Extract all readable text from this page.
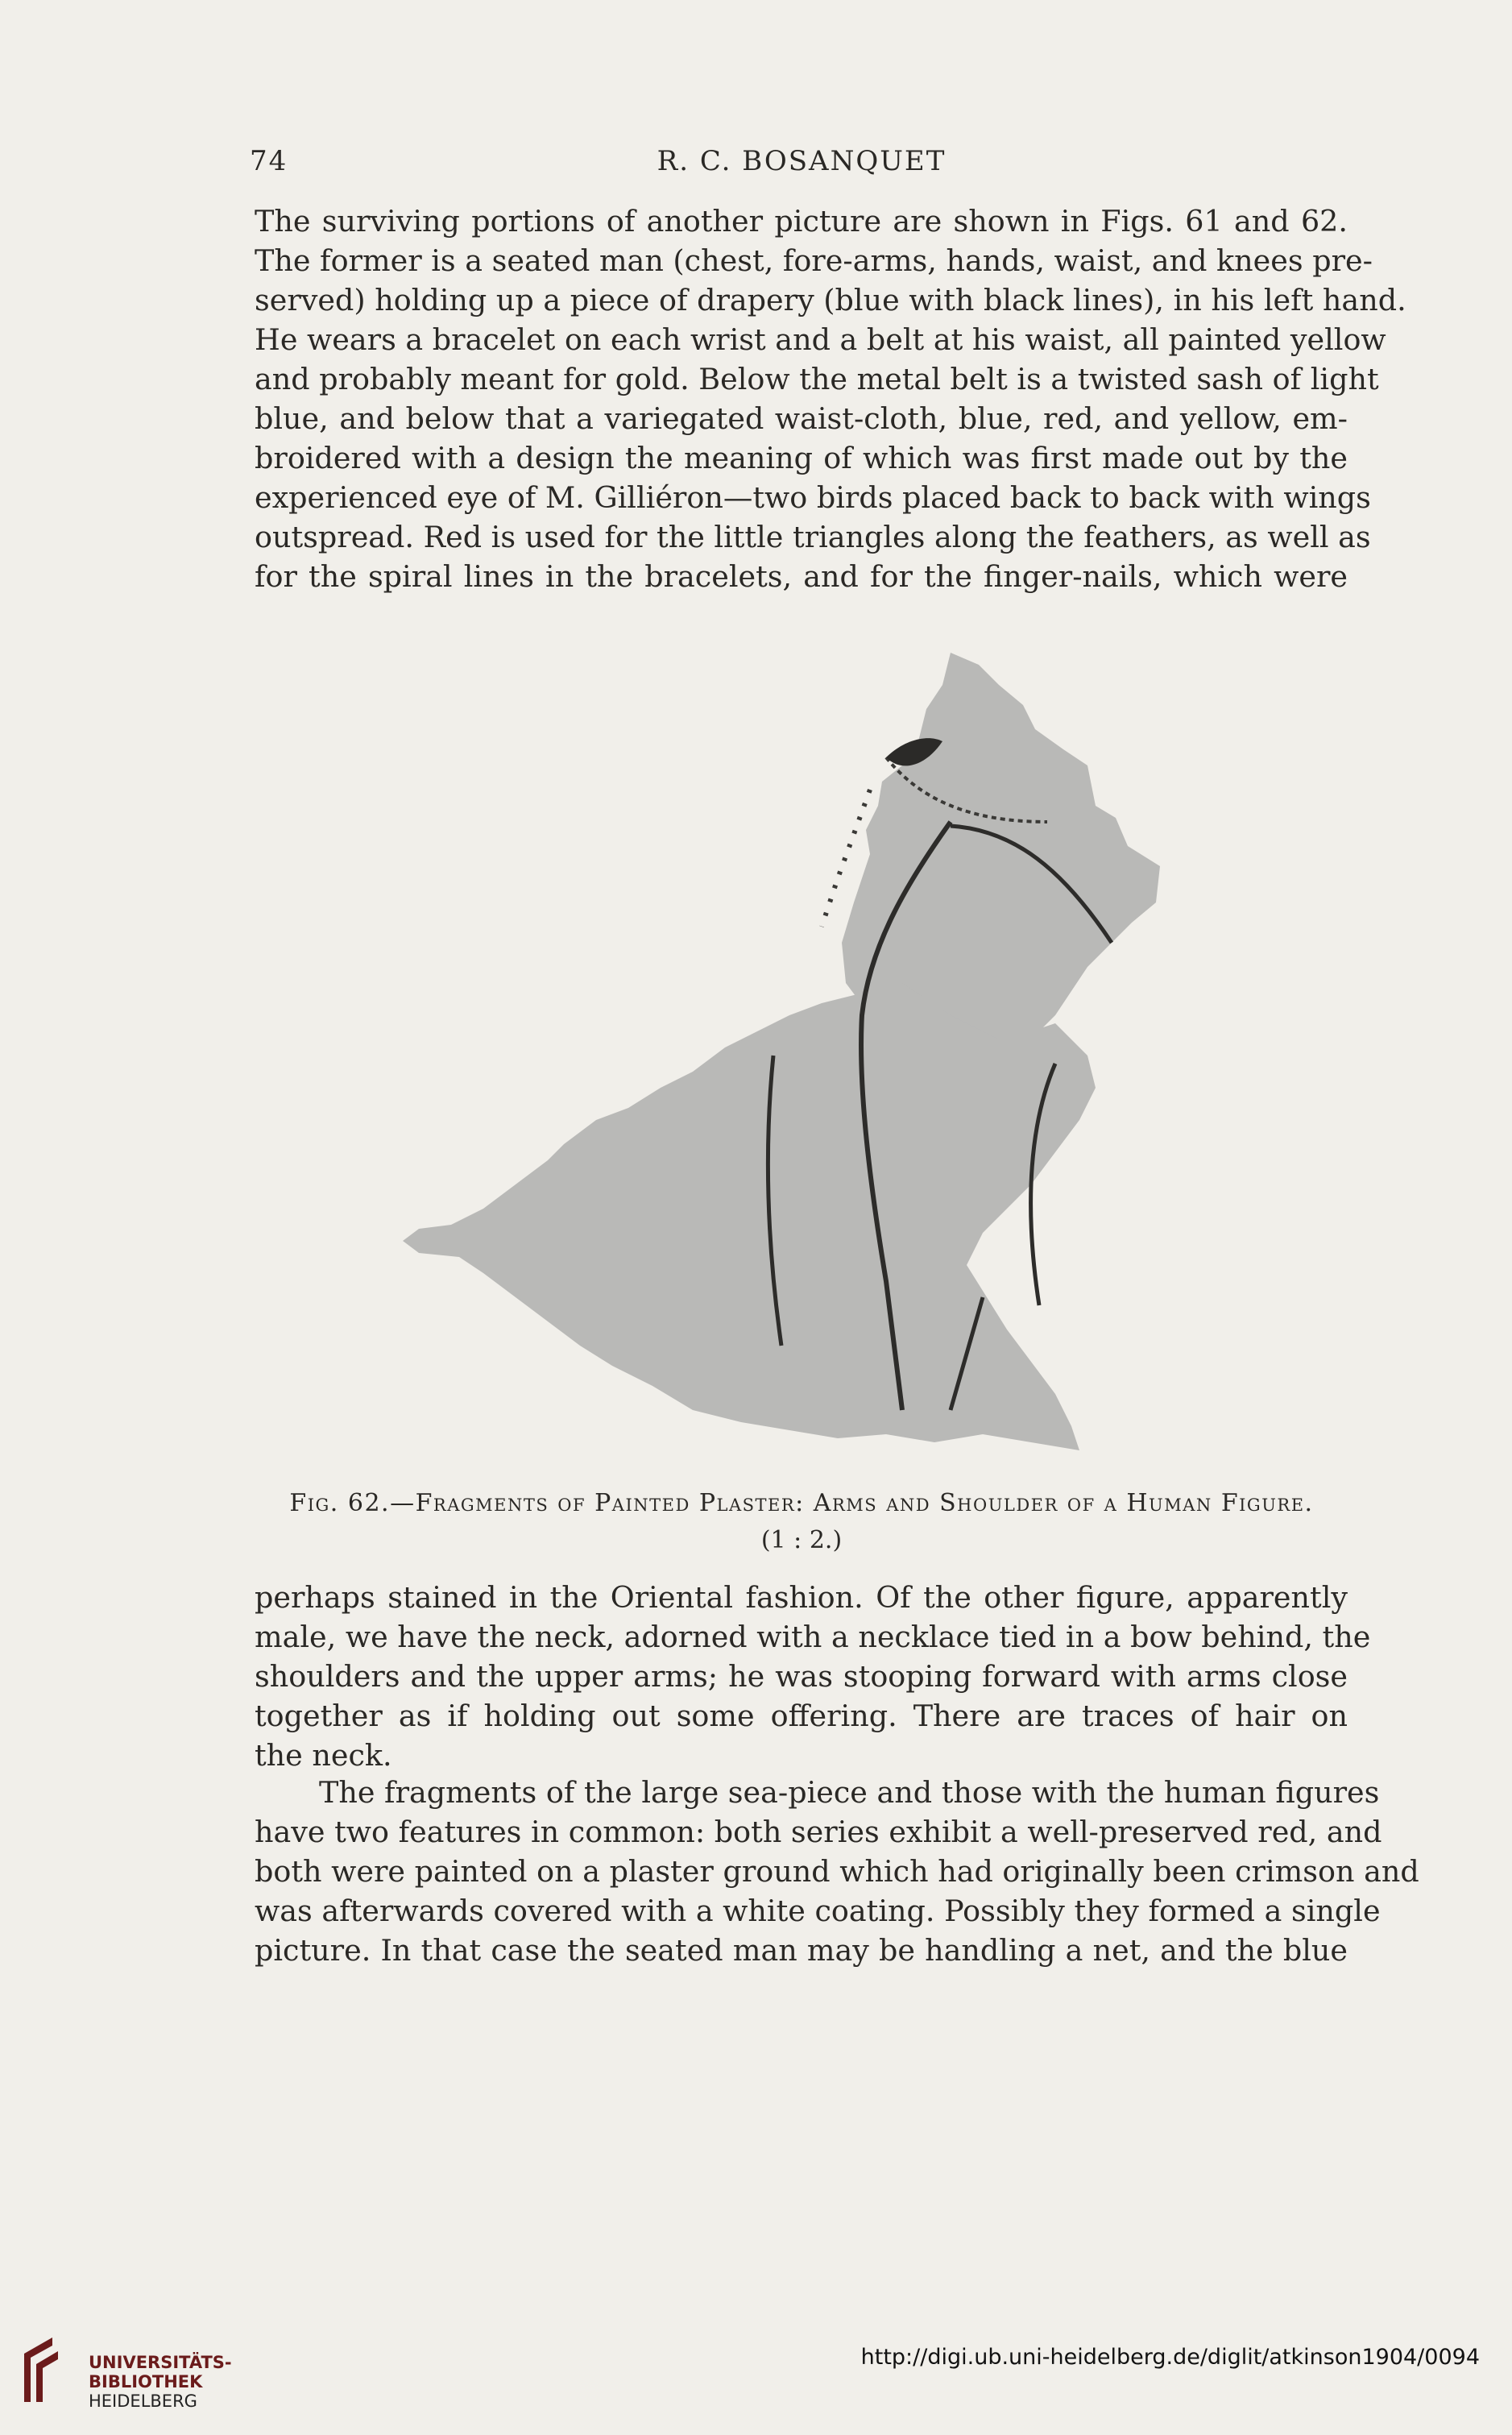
74	R. C. BOSANQUET
The surviving portions of another picture are shown in Figs. 61 and 62.
The former is a seated man (chest, fore-arms, hands, waist, and knees pre-
served) holding up a piece of drapery (blue with black lines), in his left hand.
He wears a bracelet on each wrist and a belt at his waist, all painted yellow
and probably meant for gold. Below the metal belt is a twisted sash of light
blue, and below that a variegated waist-cloth, blue, red, and yellow, em-
broidered with a design the meaning of which was first made out by the
experienced eye of M. Gilliéron—two birds placed back to back with wings
outspread. Red is used for the little triangles along the feathers, as well as
for the spiral lines in the bracelets, and for the finger-nails, which were
Fig. 62.—Fragments of Painted Plaster: Arms and Shoulder of a Human Figure.
(1 : 2.)
perhaps stained in the Oriental fashion. Of the other figure, apparently
male, we have the neck, adorned with a necklace tied in a bow behind, the
shoulders and the upper arms; he was stooping forward with arms close
together as if holding out some offering. There are traces of hair on
the neck.
The fragments of the large sea-piece and those with the human figures
have two features in common: both series exhibit a well-preserved red, and
both were painted on a plaster ground which had originally been crimson and
was afterwards covered with a white coating. Possibly they formed a single
picture. In that case the seated man may be handling a net, and the blue
UNIVERSITÄTS-
BIBLIOTHEK
HEIDELBERG
http://digi.ub.uni-heidelberg.de/diglit/atkinson1904/0094
